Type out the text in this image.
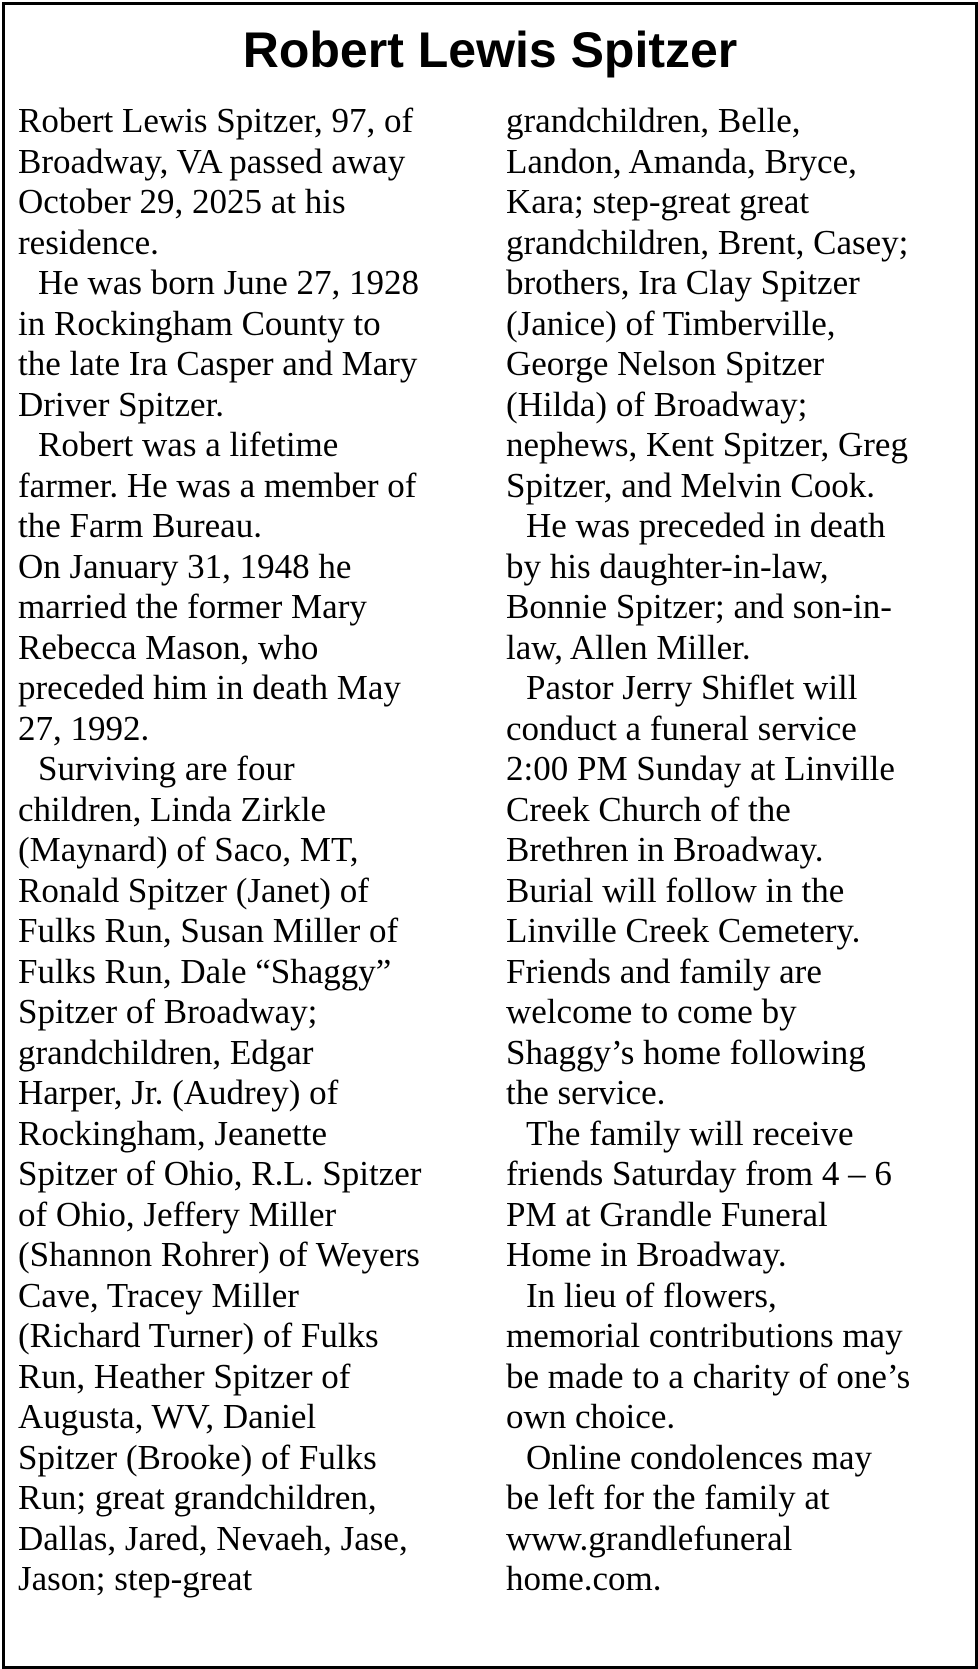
Robert Lewis Spitzer
Robert Lewis Spitzer, 97, of
Broadway, VA passed away
October 29, 2025 at his
residence.
He was born June 27, 1928
in Rockingham County to
the late Ira Casper and Mary
Driver Spitzer.
Robert was a lifetime
farmer. He was a member of
the Farm Bureau.
On January 31, 1948 he
married the former Mary
Rebecca Mason, who
preceded him in death May
27, 1992.
Surviving are four
children, Linda Zirkle
(Maynard) of Saco, MT,
Ronald Spitzer (Janet) of
Fulks Run, Susan Miller of
Fulks Run, Dale “Shaggy”
Spitzer of Broadway;
grandchildren, Edgar
Harper, Jr. (Audrey) of
Rockingham, Jeanette
Spitzer of Ohio, R.L. Spitzer
of Ohio, Jeffery Miller
(Shannon Rohrer) of Weyers
Cave, Tracey Miller
(Richard Turner) of Fulks
Run, Heather Spitzer of
Augusta, WV, Daniel
Spitzer (Brooke) of Fulks
Run; great grandchildren,
Dallas, Jared, Nevaeh, Jase,
Jason; step-great
grandchildren, Belle,
Landon, Amanda, Bryce,
Kara; step-great great
grandchildren, Brent, Casey;
brothers, Ira Clay Spitzer
(Janice) of Timberville,
George Nelson Spitzer
(Hilda) of Broadway;
nephews, Kent Spitzer, Greg
Spitzer, and Melvin Cook.
He was preceded in death
by his daughter-in-law,
Bonnie Spitzer; and son-in-
law, Allen Miller.
Pastor Jerry Shiflet will
conduct a funeral service
2:00 PM Sunday at Linville
Creek Church of the
Brethren in Broadway.
Burial will follow in the
Linville Creek Cemetery.
Friends and family are
welcome to come by
Shaggy’s home following
the service.
The family will receive
friends Saturday from 4 – 6
PM at Grandle Funeral
Home in Broadway.
In lieu of flowers,
memorial contributions may
be made to a charity of one’s
own choice.
Online condolences may
be left for the family at
www.grandlefuneral
home.com.
